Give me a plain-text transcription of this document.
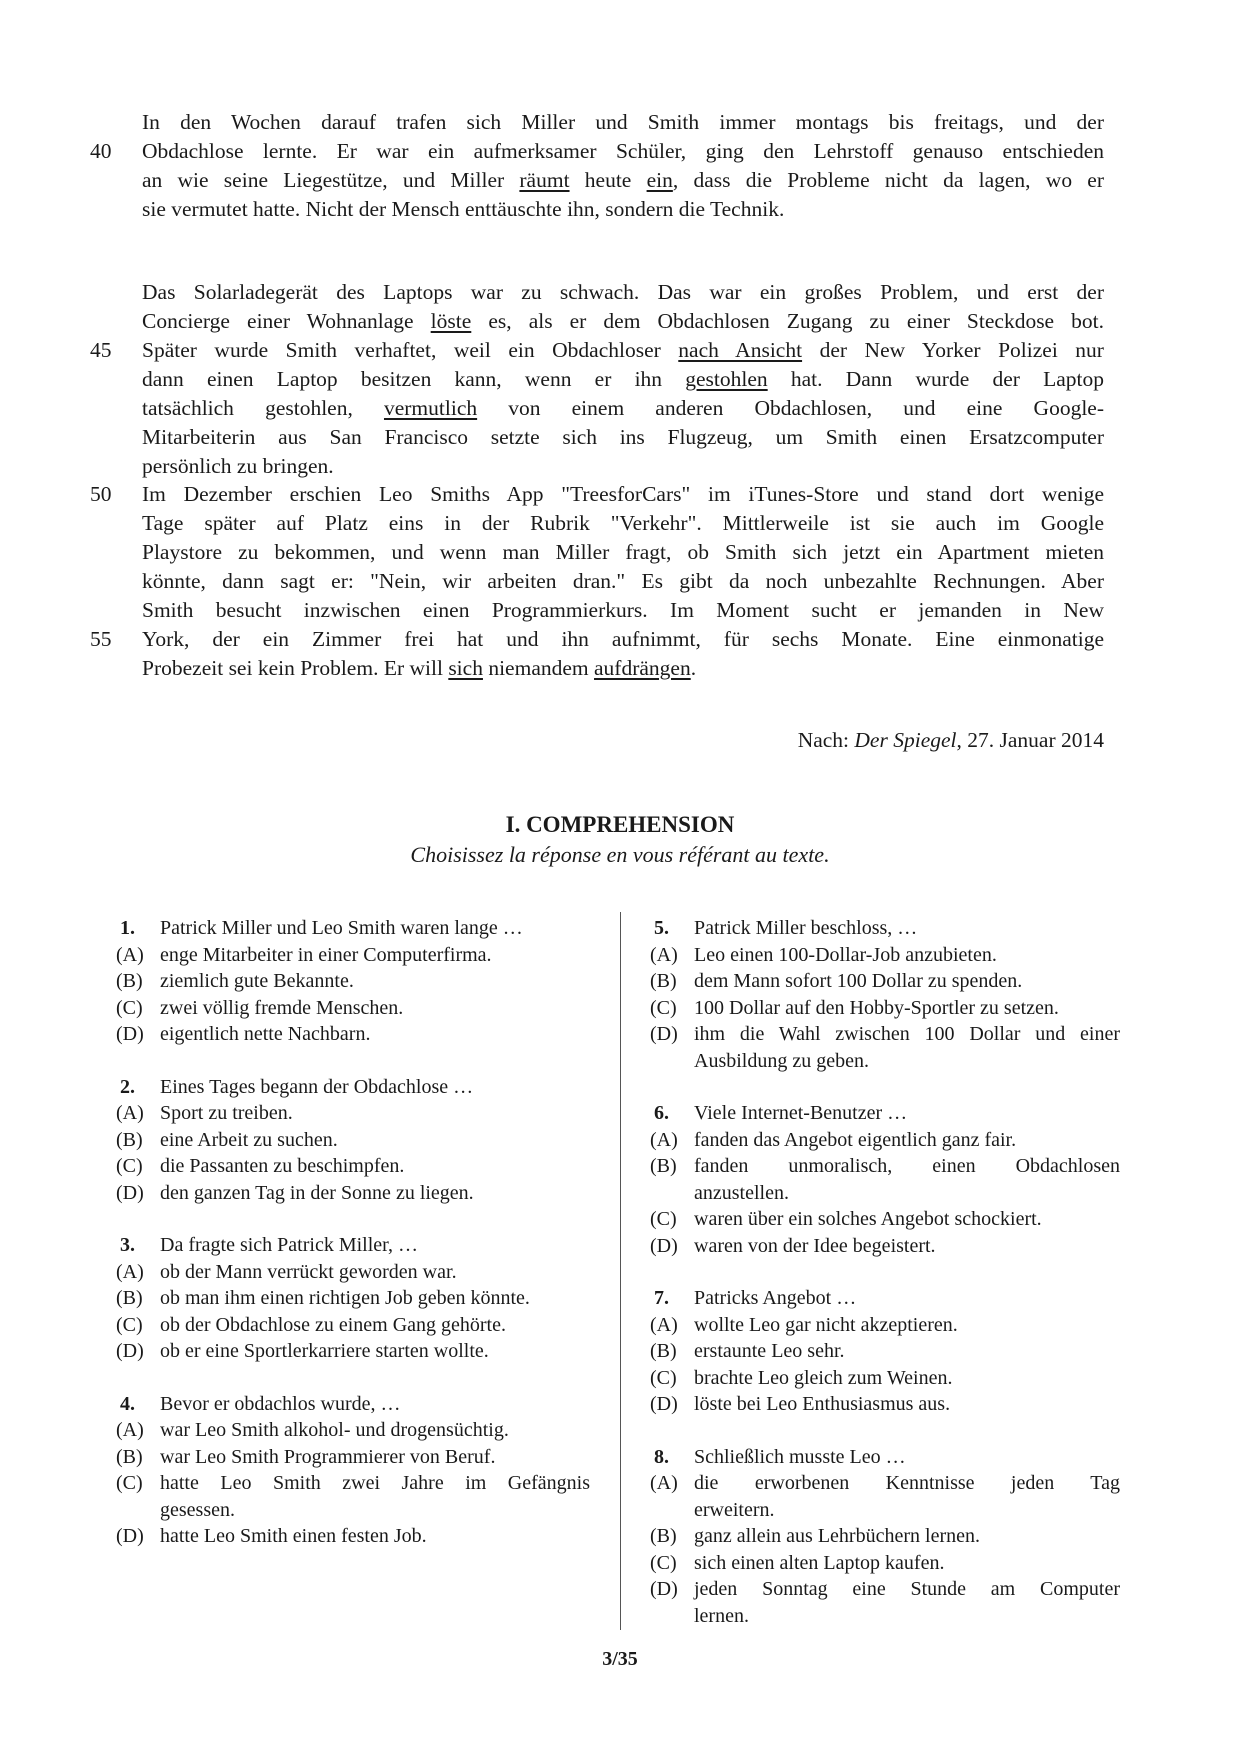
In den Wochen darauf trafen sich Miller und Smith immer montags bis freitags, und der
40	Obdachlose lernte. Er war ein aufmerksamer Schüler, ging den Lehrstoff genauso entschieden
an wie seine Liegestütze, und Miller räumt heute ein, dass die Probleme nicht da lagen, wo er
sie vermutet hatte. Nicht der Mensch enttäuschte ihn, sondern die Technik.
Das Solarladegerät des Laptops war zu schwach. Das war ein großes Problem, und erst der
Concierge einer Wohnanlage löste es, als er dem Obdachlosen Zugang zu einer Steckdose bot.
45	Später wurde Smith verhaftet, weil ein Obdachloser nach Ansicht der New Yorker Polizei nur
dann einen Laptop besitzen kann, wenn er ihn gestohlen hat. Dann wurde der Laptop
tatsächlich gestohlen, vermutlich von einem anderen Obdachlosen, und eine Google-
Mitarbeiterin aus San Francisco setzte sich ins Flugzeug, um Smith einen Ersatzcomputer
persönlich zu bringen.
50	Im Dezember erschien Leo Smiths App "TreesforCars" im iTunes-Store und stand dort wenige
Tage später auf Platz eins in der Rubrik "Verkehr". Mittlerweile ist sie auch im Google
Playstore zu bekommen, und wenn man Miller fragt, ob Smith sich jetzt ein Apartment mieten
könnte, dann sagt er: "Nein, wir arbeiten dran." Es gibt da noch unbezahlte Rechnungen. Aber
Smith besucht inzwischen einen Programmierkurs. Im Moment sucht er jemanden in New
55	York, der ein Zimmer frei hat und ihn aufnimmt, für sechs Monate. Eine einmonatige
Probezeit sei kein Problem. Er will sich niemandem aufdrängen.
Nach: Der Spiegel, 27. Januar 2014
I. COMPREHENSION
Choisissez la réponse en vous référant au texte.
1.	Patrick Miller und Leo Smith waren lange …
(A) enge Mitarbeiter in einer Computerfirma.
(B) ziemlich gute Bekannte.
(C) zwei völlig fremde Menschen.
(D) eigentlich nette Nachbarn.
2.	Eines Tages begann der Obdachlose …
(A) Sport zu treiben.
(B) eine Arbeit zu suchen.
(C) die Passanten zu beschimpfen.
(D) den ganzen Tag in der Sonne zu liegen.
3.	Da fragte sich Patrick Miller, …
(A) ob der Mann verrückt geworden war.
(B) ob man ihm einen richtigen Job geben könnte.
(C) ob der Obdachlose zu einem Gang gehörte.
(D) ob er eine Sportlerkarriere starten wollte.
4.	Bevor er obdachlos wurde, …
(A) war Leo Smith alkohol- und drogensüchtig.
(B) war Leo Smith Programmierer von Beruf.
(C) hatte Leo Smith zwei Jahre im Gefängnis
gesessen.
(D) hatte Leo Smith einen festen Job.
5.	Patrick Miller beschloss, …
(A) Leo einen 100-Dollar-Job anzubieten.
(B) dem Mann sofort 100 Dollar zu spenden.
(C) 100 Dollar auf den Hobby-Sportler zu setzen.
(D) ihm die Wahl zwischen 100 Dollar und einer
Ausbildung zu geben.
6.	Viele Internet-Benutzer …
(A) fanden das Angebot eigentlich ganz fair.
(B) fanden unmoralisch, einen Obdachlosen
anzustellen.
(C) waren über ein solches Angebot schockiert.
(D) waren von der Idee begeistert.
7.	Patricks Angebot …
(A) wollte Leo gar nicht akzeptieren.
(B) erstaunte Leo sehr.
(C) brachte Leo gleich zum Weinen.
(D) löste bei Leo Enthusiasmus aus.
8.	Schließlich musste Leo …
(A) die erworbenen Kenntnisse jeden Tag
erweitern.
(B) ganz allein aus Lehrbüchern lernen.
(C) sich einen alten Laptop kaufen.
(D) jeden Sonntag eine Stunde am Computer
lernen.
3/35
